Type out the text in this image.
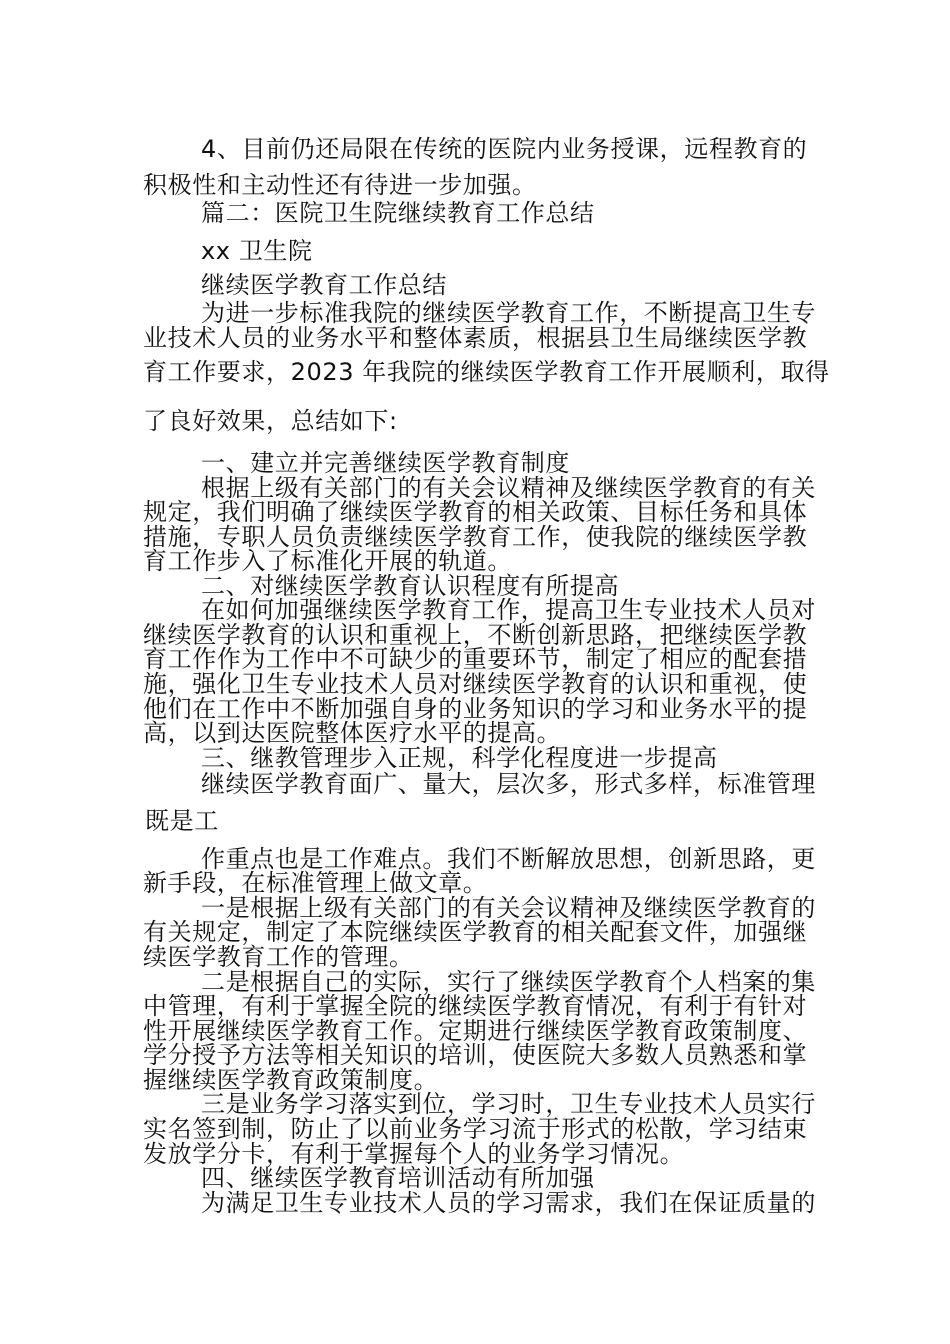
4、目前仍还局限在传统的医院内业务授课，远程教育的
积极性和主动性还有待进一步加强。
篇二：医院卫生院继续教育工作总结
xx 卫生院
继续医学教育工作总结
为进一步标准我院的继续医学教育工作，不断提高卫生专
业技术人员的业务水平和整体素质，根据县卫生局继续医学教
育工作要求，2023 年我院的继续医学教育工作开展顺利，取得
了良好效果，总结如下:
一、建立并完善继续医学教育制度
根据上级有关部门的有关会议精神及继续医学教育的有关
规定，我们明确了继续医学教育的相关政策、目标任务和具体
措施，专职人员负责继续医学教育工作，使我院的继续医学教
育工作步入了标准化开展的轨道。
二、对继续医学教育认识程度有所提高
在如何加强继续医学教育工作，提高卫生专业技术人员对
继续医学教育的认识和重视上，不断创新思路，把继续医学教
育工作作为工作中不可缺少的重要环节，制定了相应的配套措
施，强化卫生专业技术人员对继续医学教育的认识和重视，使
他们在工作中不断加强自身的业务知识的学习和业务水平的提
高，以到达医院整体医疗水平的提高。
三、继教管理步入正规，科学化程度进一步提高
继续医学教育面广、量大，层次多，形式多样，标准管理
既是工
作重点也是工作难点。我们不断解放思想，创新思路，更
新手段，在标准管理上做文章。
一是根据上级有关部门的有关会议精神及继续医学教育的
有关规定，制定了本院继续医学教育的相关配套文件，加强继
续医学教育工作的管理。
二是根据自己的实际，实行了继续医学教育个人档案的集
中管理，有利于掌握全院的继续医学教育情况，有利于有针对
性开展继续医学教育工作。定期进行继续医学教育政策制度、
学分授予方法等相关知识的培训，使医院大多数人员熟悉和掌
握继续医学教育政策制度。
三是业务学习落实到位，学习时，卫生专业技术人员实行
实名签到制，防止了以前业务学习流于形式的松散，学习结束
发放学分卡，有利于掌握每个人的业务学习情况。
四、继续医学教育培训活动有所加强
为满足卫生专业技术人员的学习需求，我们在保证质量的
